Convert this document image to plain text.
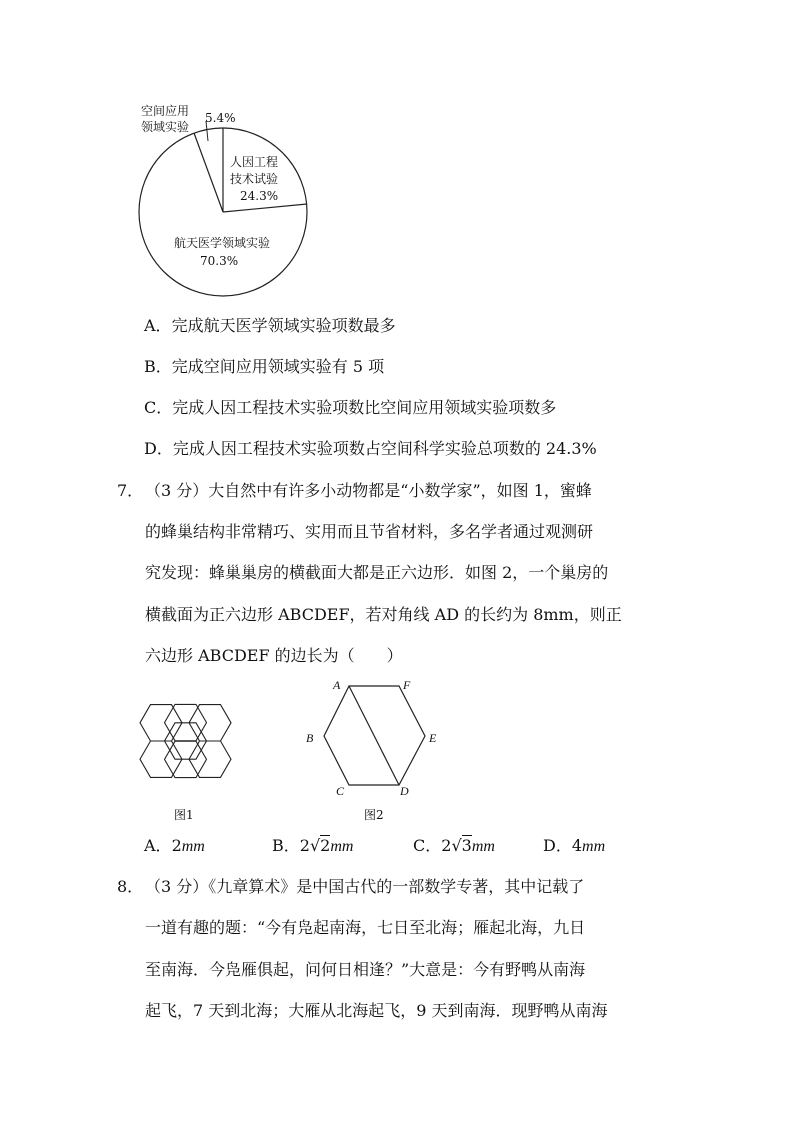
空间应用
领域实验
5.4%
人因工程
技术试验
24.3%
航天医学领域实验
70.3%
A．完成航天医学领域实验项数最多
B．完成空间应用领域实验有 5 项
C．完成人因工程技术实验项数比空间应用领域实验项数多
D．完成人因工程技术实验项数占空间科学实验总项数的 24.3%
7． （3 分）大自然中有许多小动物都是“小数学家”，如图 1，蜜蜂
的蜂巢结构非常精巧、实用而且节省材料，多名学者通过观测研
究发现：蜂巢巢房的横截面大都是正六边形．如图 2，一个巢房的
横截面为正六边形 ABCDEF，若对角线 AD 的长约为 8mm，则正
六边形 ABCDEF 的边长为（　　）
图1
A	F
B	E
C	D
图2
A．2mm	B．2√2mm	C．2√3mm	D．4mm
8． （3 分）《九章算术》是中国古代的一部数学专著，其中记载了
一道有趣的题：“今有凫起南海，七日至北海；雁起北海，九日
至南海．今凫雁俱起，问何日相逢？”大意是：今有野鸭从南海
起飞，7 天到北海；大雁从北海起飞，9 天到南海．现野鸭从南海
